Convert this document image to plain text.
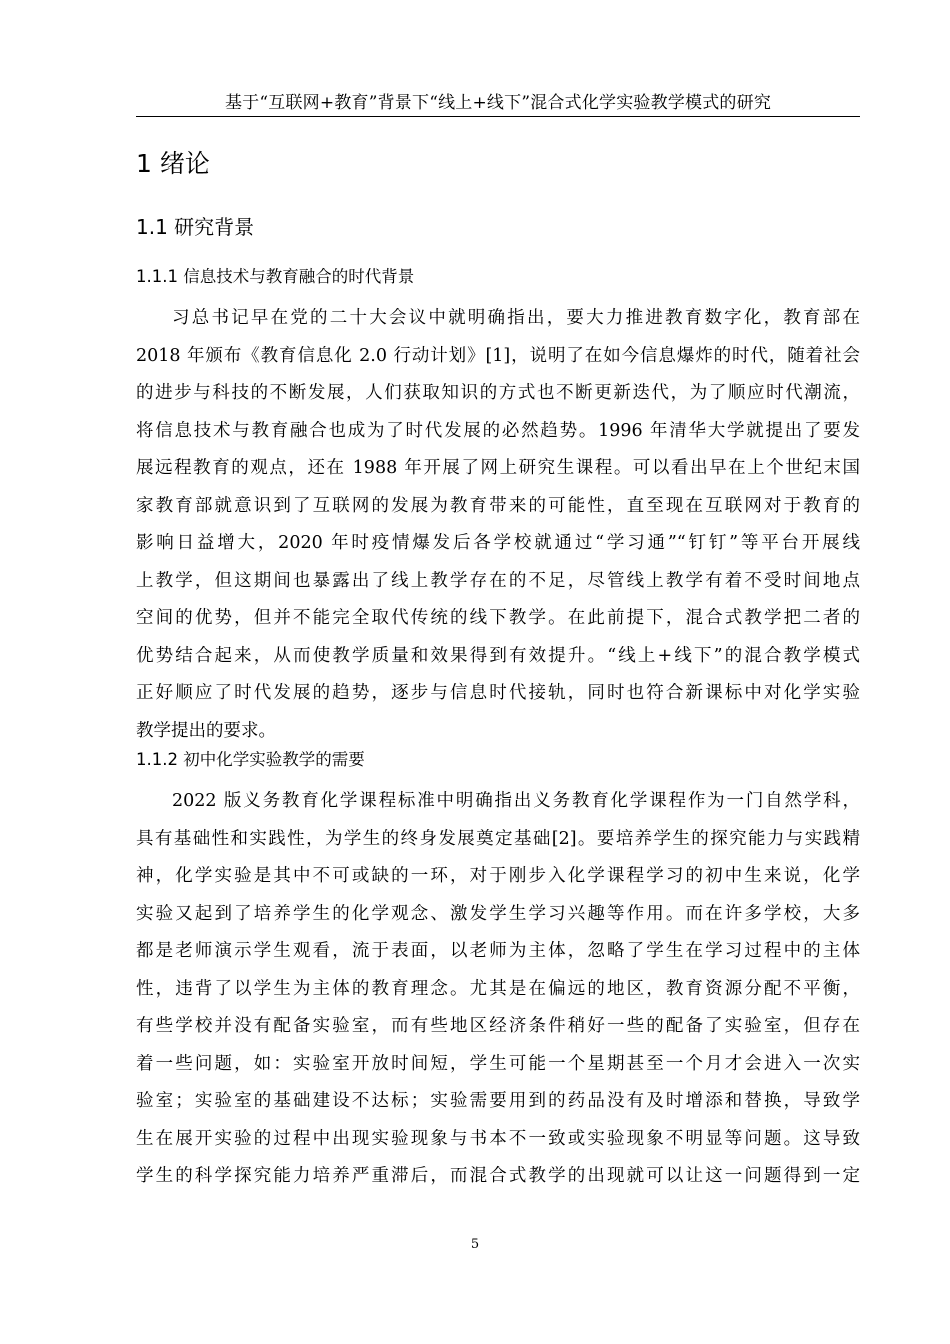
基于“互联网+教育”背景下“线上+线下”混合式化学实验教学模式的研究
1 绪论
1.1 研究背景
1.1.1 信息技术与教育融合的时代背景
习总书记早在党的二十大会议中就明确指出，要大力推进教育数字化，教育部在
2018 年颁布《教育信息化 2.0 行动计划》[1]，说明了在如今信息爆炸的时代，随着社会
的进步与科技的不断发展，人们获取知识的方式也不断更新迭代，为了顺应时代潮流，
将信息技术与教育融合也成为了时代发展的必然趋势。1996 年清华大学就提出了要发
展远程教育的观点，还在 1988 年开展了网上研究生课程。可以看出早在上个世纪末国
家教育部就意识到了互联网的发展为教育带来的可能性，直至现在互联网对于教育的
影响日益增大，2020 年时疫情爆发后各学校就通过“学习通”“钉钉”等平台开展线
上教学，但这期间也暴露出了线上教学存在的不足，尽管线上教学有着不受时间地点
空间的优势，但并不能完全取代传统的线下教学。在此前提下，混合式教学把二者的
优势结合起来，从而使教学质量和效果得到有效提升。“线上+线下”的混合教学模式
正好顺应了时代发展的趋势，逐步与信息时代接轨，同时也符合新课标中对化学实验
教学提出的要求。
1.1.2 初中化学实验教学的需要
2022 版义务教育化学课程标准中明确指出义务教育化学课程作为一门自然学科，
具有基础性和实践性，为学生的终身发展奠定基础[2]。要培养学生的探究能力与实践精
神，化学实验是其中不可或缺的一环，对于刚步入化学课程学习的初中生来说，化学
实验又起到了培养学生的化学观念、激发学生学习兴趣等作用。而在许多学校，大多
都是老师演示学生观看，流于表面，以老师为主体，忽略了学生在学习过程中的主体
性，违背了以学生为主体的教育理念。尤其是在偏远的地区，教育资源分配不平衡，
有些学校并没有配备实验室，而有些地区经济条件稍好一些的配备了实验室，但存在
着一些问题，如：实验室开放时间短，学生可能一个星期甚至一个月才会进入一次实
验室；实验室的基础建设不达标；实验需要用到的药品没有及时增添和替换，导致学
生在展开实验的过程中出现实验现象与书本不一致或实验现象不明显等问题。这导致
学生的科学探究能力培养严重滞后，而混合式教学的出现就可以让这一问题得到一定
5
